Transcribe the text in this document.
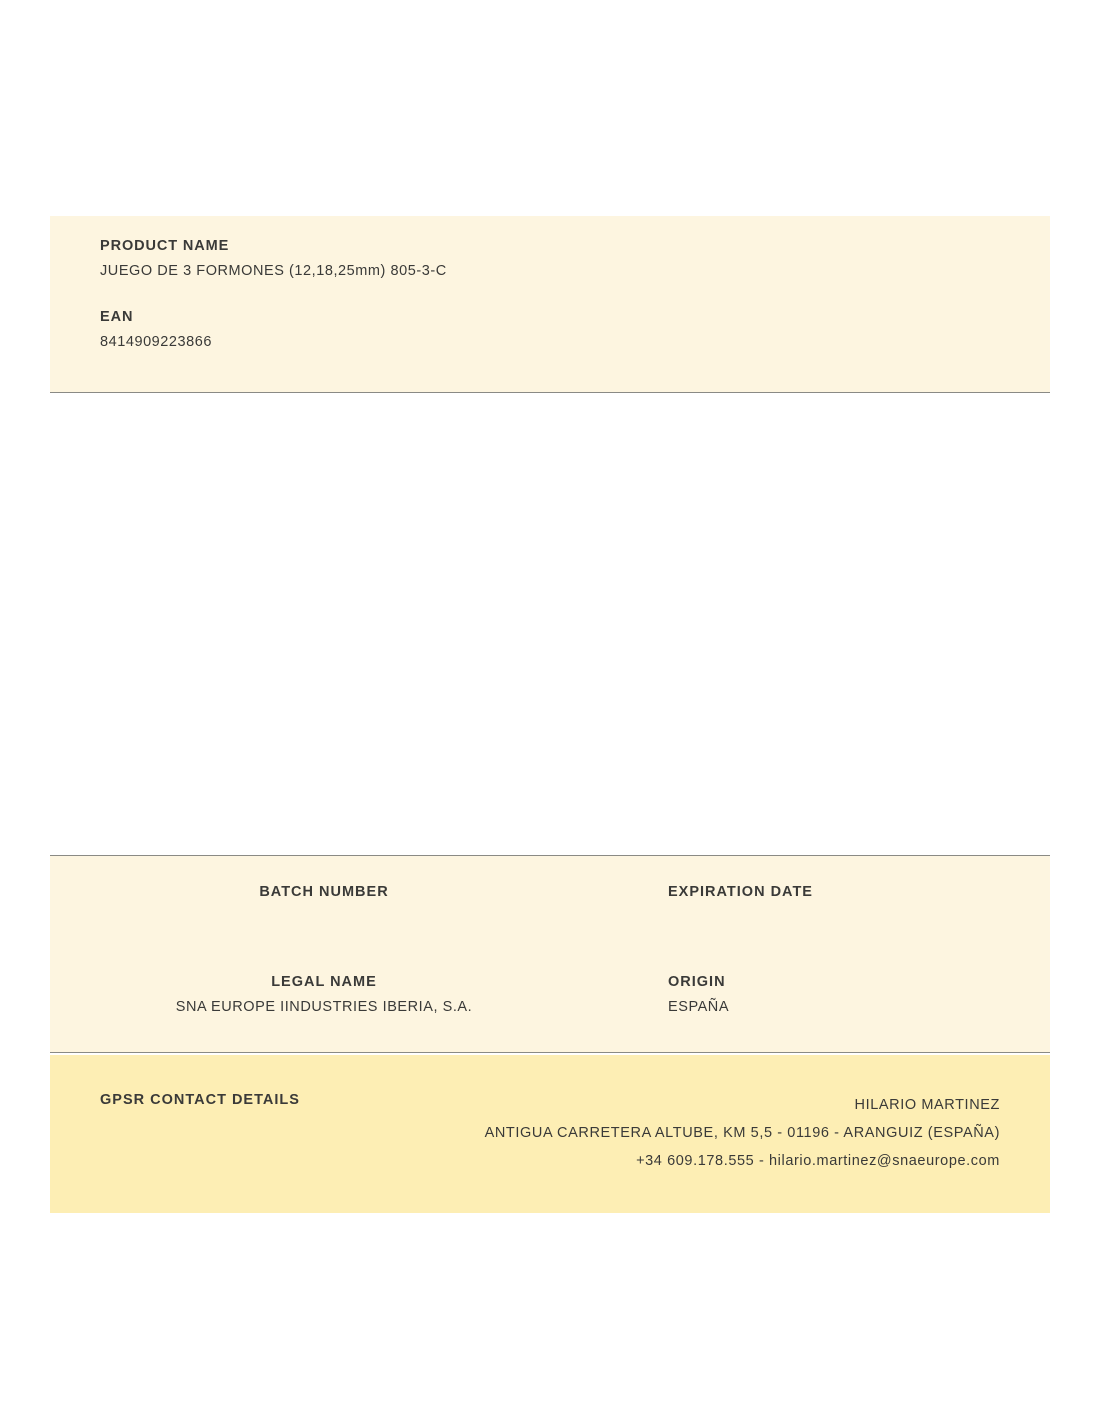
PRODUCT NAME
JUEGO DE 3 FORMONES (12,18,25mm) 805-3-C
EAN
8414909223866
BATCH NUMBER	EXPIRATION DATE
LEGAL NAME
SNA EUROPE IINDUSTRIES IBERIA, S.A.
ORIGIN
ESPAÑA
GPSR CONTACT DETAILS	HILARIO MARTINEZ
ANTIGUA CARRETERA ALTUBE, KM 5,5 - 01196 - ARANGUIZ (ESPAÑA)
+34 609.178.555 - hilario.martinez@snaeurope.com
